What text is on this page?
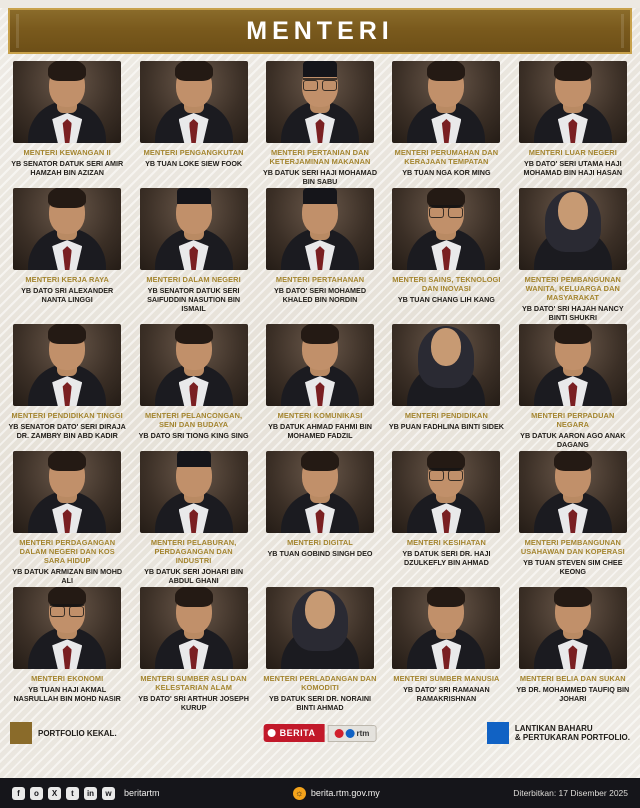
MENTERI
MENTERI KEWANGAN II
YB SENATOR DATUK SERI AMIR HAMZAH BIN AZIZAN
MENTERI PENGANGKUTAN
YB TUAN LOKE SIEW FOOK
MENTERI PERTANIAN DAN KETERJAMINAN MAKANAN
YB DATUK SERI HAJI MOHAMAD BIN SABU
MENTERI PERUMAHAN DAN KERAJAAN TEMPATAN
YB TUAN NGA KOR MING
MENTERI LUAR NEGERI
YB DATO' SERI UTAMA HAJI MOHAMAD BIN HAJI HASAN
MENTERI KERJA RAYA
YB DATO SRI ALEXANDER NANTA LINGGI
MENTERI DALAM NEGERI
YB SENATOR DATUK SERI SAIFUDDIN NASUTION BIN ISMAIL
MENTERI PERTAHANAN
YB DATO' SERI MOHAMED KHALED BIN NORDIN
MENTERI SAINS, TEKNOLOGI DAN INOVASI
YB TUAN CHANG LIH KANG
MENTERI PEMBANGUNAN WANITA, KELUARGA DAN MASYARAKAT
YB DATO' SRI HAJAH NANCY BINTI SHUKRI
MENTERI PENDIDIKAN TINGGI
YB SENATOR DATO' SERI DIRAJA DR. ZAMBRY BIN ABD KADIR
MENTERI PELANCONGAN, SENI DAN BUDAYA
YB DATO SRI TIONG KING SING
MENTERI KOMUNIKASI
YB DATUK AHMAD FAHMI BIN MOHAMED FADZIL
MENTERI PENDIDIKAN
YB PUAN FADHLINA BINTI SIDEK
MENTERI PERPADUAN NEGARA
YB DATUK AARON AGO ANAK DAGANG
MENTERI PERDAGANGAN DALAM NEGERI DAN KOS SARA HIDUP
YB DATUK ARMIZAN BIN MOHD ALI
MENTERI PELABURAN, PERDAGANGAN DAN INDUSTRI
YB DATUK SERI JOHARI BIN ABDUL GHANI
MENTERI DIGITAL
YB TUAN GOBIND SINGH DEO
MENTERI KESIHATAN
YB DATUK SERI DR. HAJI DZULKEFLY BIN AHMAD
MENTERI PEMBANGUNAN USAHAWAN DAN KOPERASI
YB TUAN STEVEN SIM CHEE KEONG
MENTERI EKONOMI
YB TUAN HAJI AKMAL NASRULLAH BIN MOHD NASIR
MENTERI SUMBER ASLI DAN KELESTARIAN ALAM
YB DATO' SRI ARTHUR JOSEPH KURUP
MENTERI PERLADANGAN DAN KOMODITI
YB DATUK SERI DR. NORAINI BINTI AHMAD
MENTERI SUMBER MANUSIA
YB DATO' SRI RAMANAN RAMAKRISHNAN
MENTERI BELIA DAN SUKAN
YB DR. MOHAMMED TAUFIQ BIN JOHARI
PORTFOLIO KEKAL.	BERITA	rtm
LANTIKAN BAHARU
& PERTUKARAN PORTFOLIO.
f	o	X	t	in	w	beritartm	☼ berita.rtm.gov.my	Diterbitkan: 17 Disember 2025
